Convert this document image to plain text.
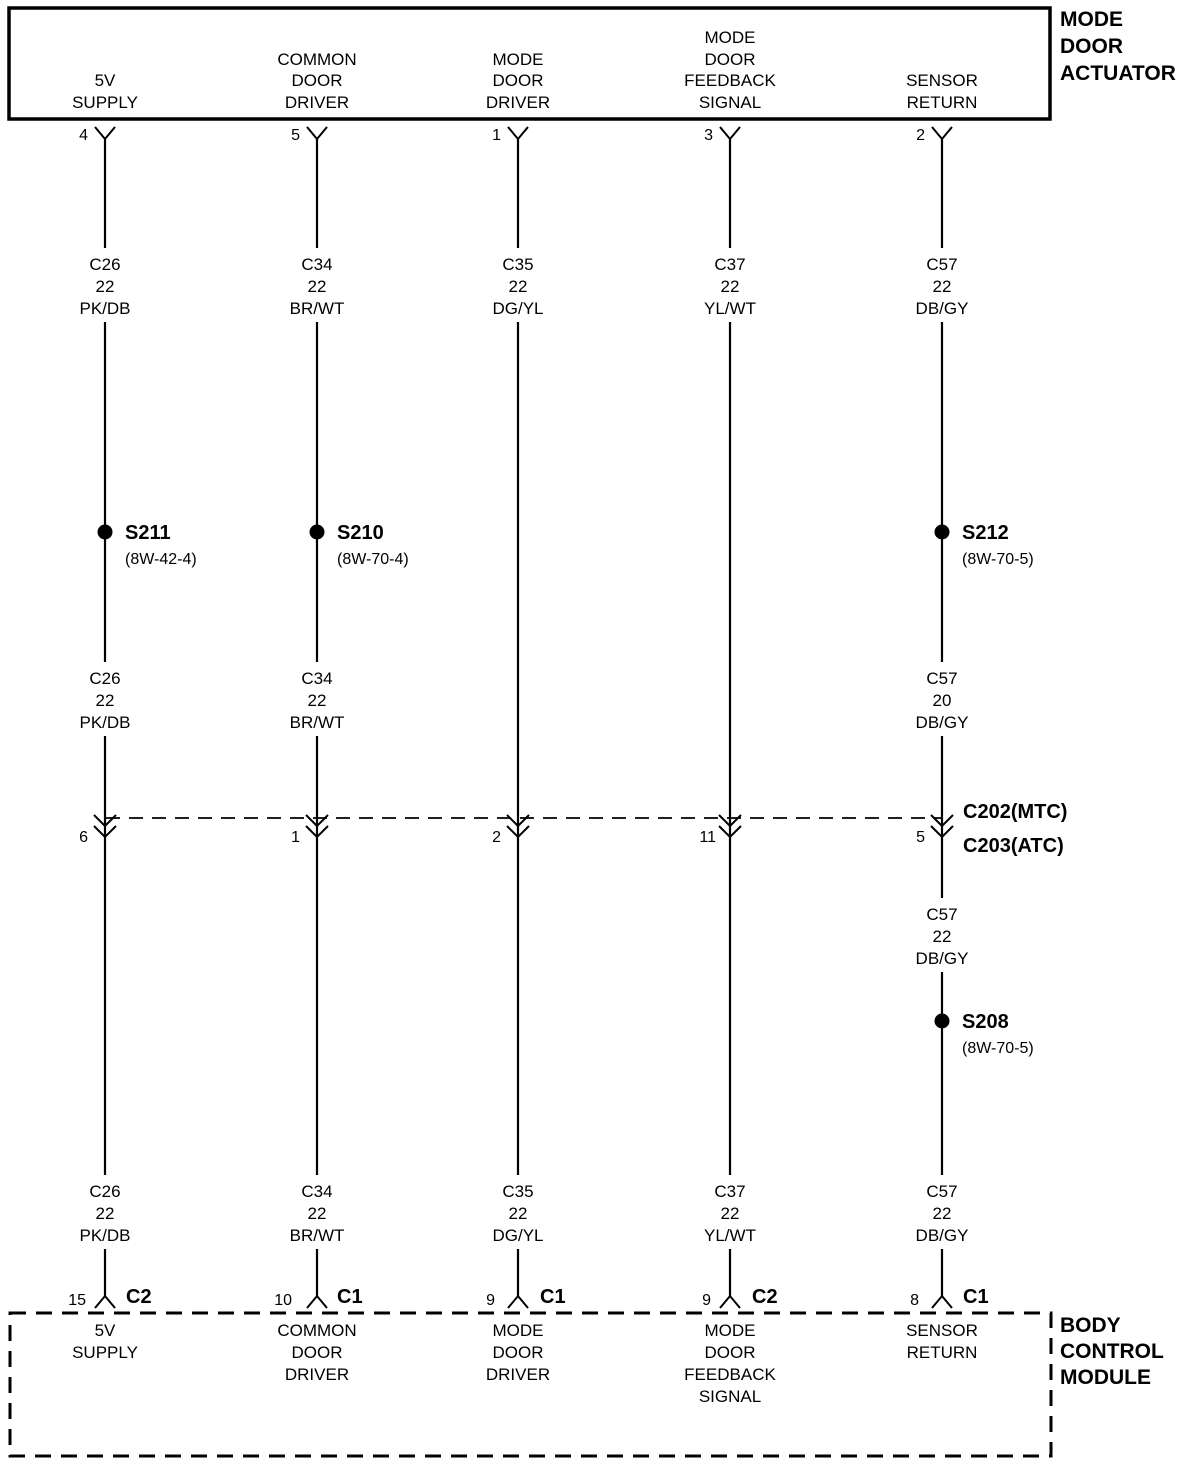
MODE
DOOR
ACTUATOR
BODY
CONTROL
MODULE
C202(MTC)
C203(ATC)
5V
SUPPLY
4
C26
22
PK/DB
S211
(8W-42-4)
C26
22
PK/DB
6
C26
22
PK/DB
15 C2
5V
SUPPLY
COMMON
DOOR
DRIVER
5
C34
22
BR/WT
S210
(8W-70-4)
C34
22
BR/WT
1
C34
22
BR/WT
10 C1
COMMON
DOOR
DRIVER
MODE
DOOR
DRIVER
1
C35
22
DG/YL
2
C35
22
DG/YL
9 C1
MODE
DOOR
DRIVER
MODE
DOOR
FEEDBACK
SIGNAL
3
C37
22
YL/WT
11
C37
22
YL/WT
9 C2
MODE
DOOR
FEEDBACK
SIGNAL
SENSOR
RETURN
2
C57
22
DB/GY
S212
(8W-70-5)
C57
20
DB/GY
5
C57
22
DB/GY
S208
(8W-70-5)
C57
22
DB/GY
8 C1
SENSOR
RETURN
